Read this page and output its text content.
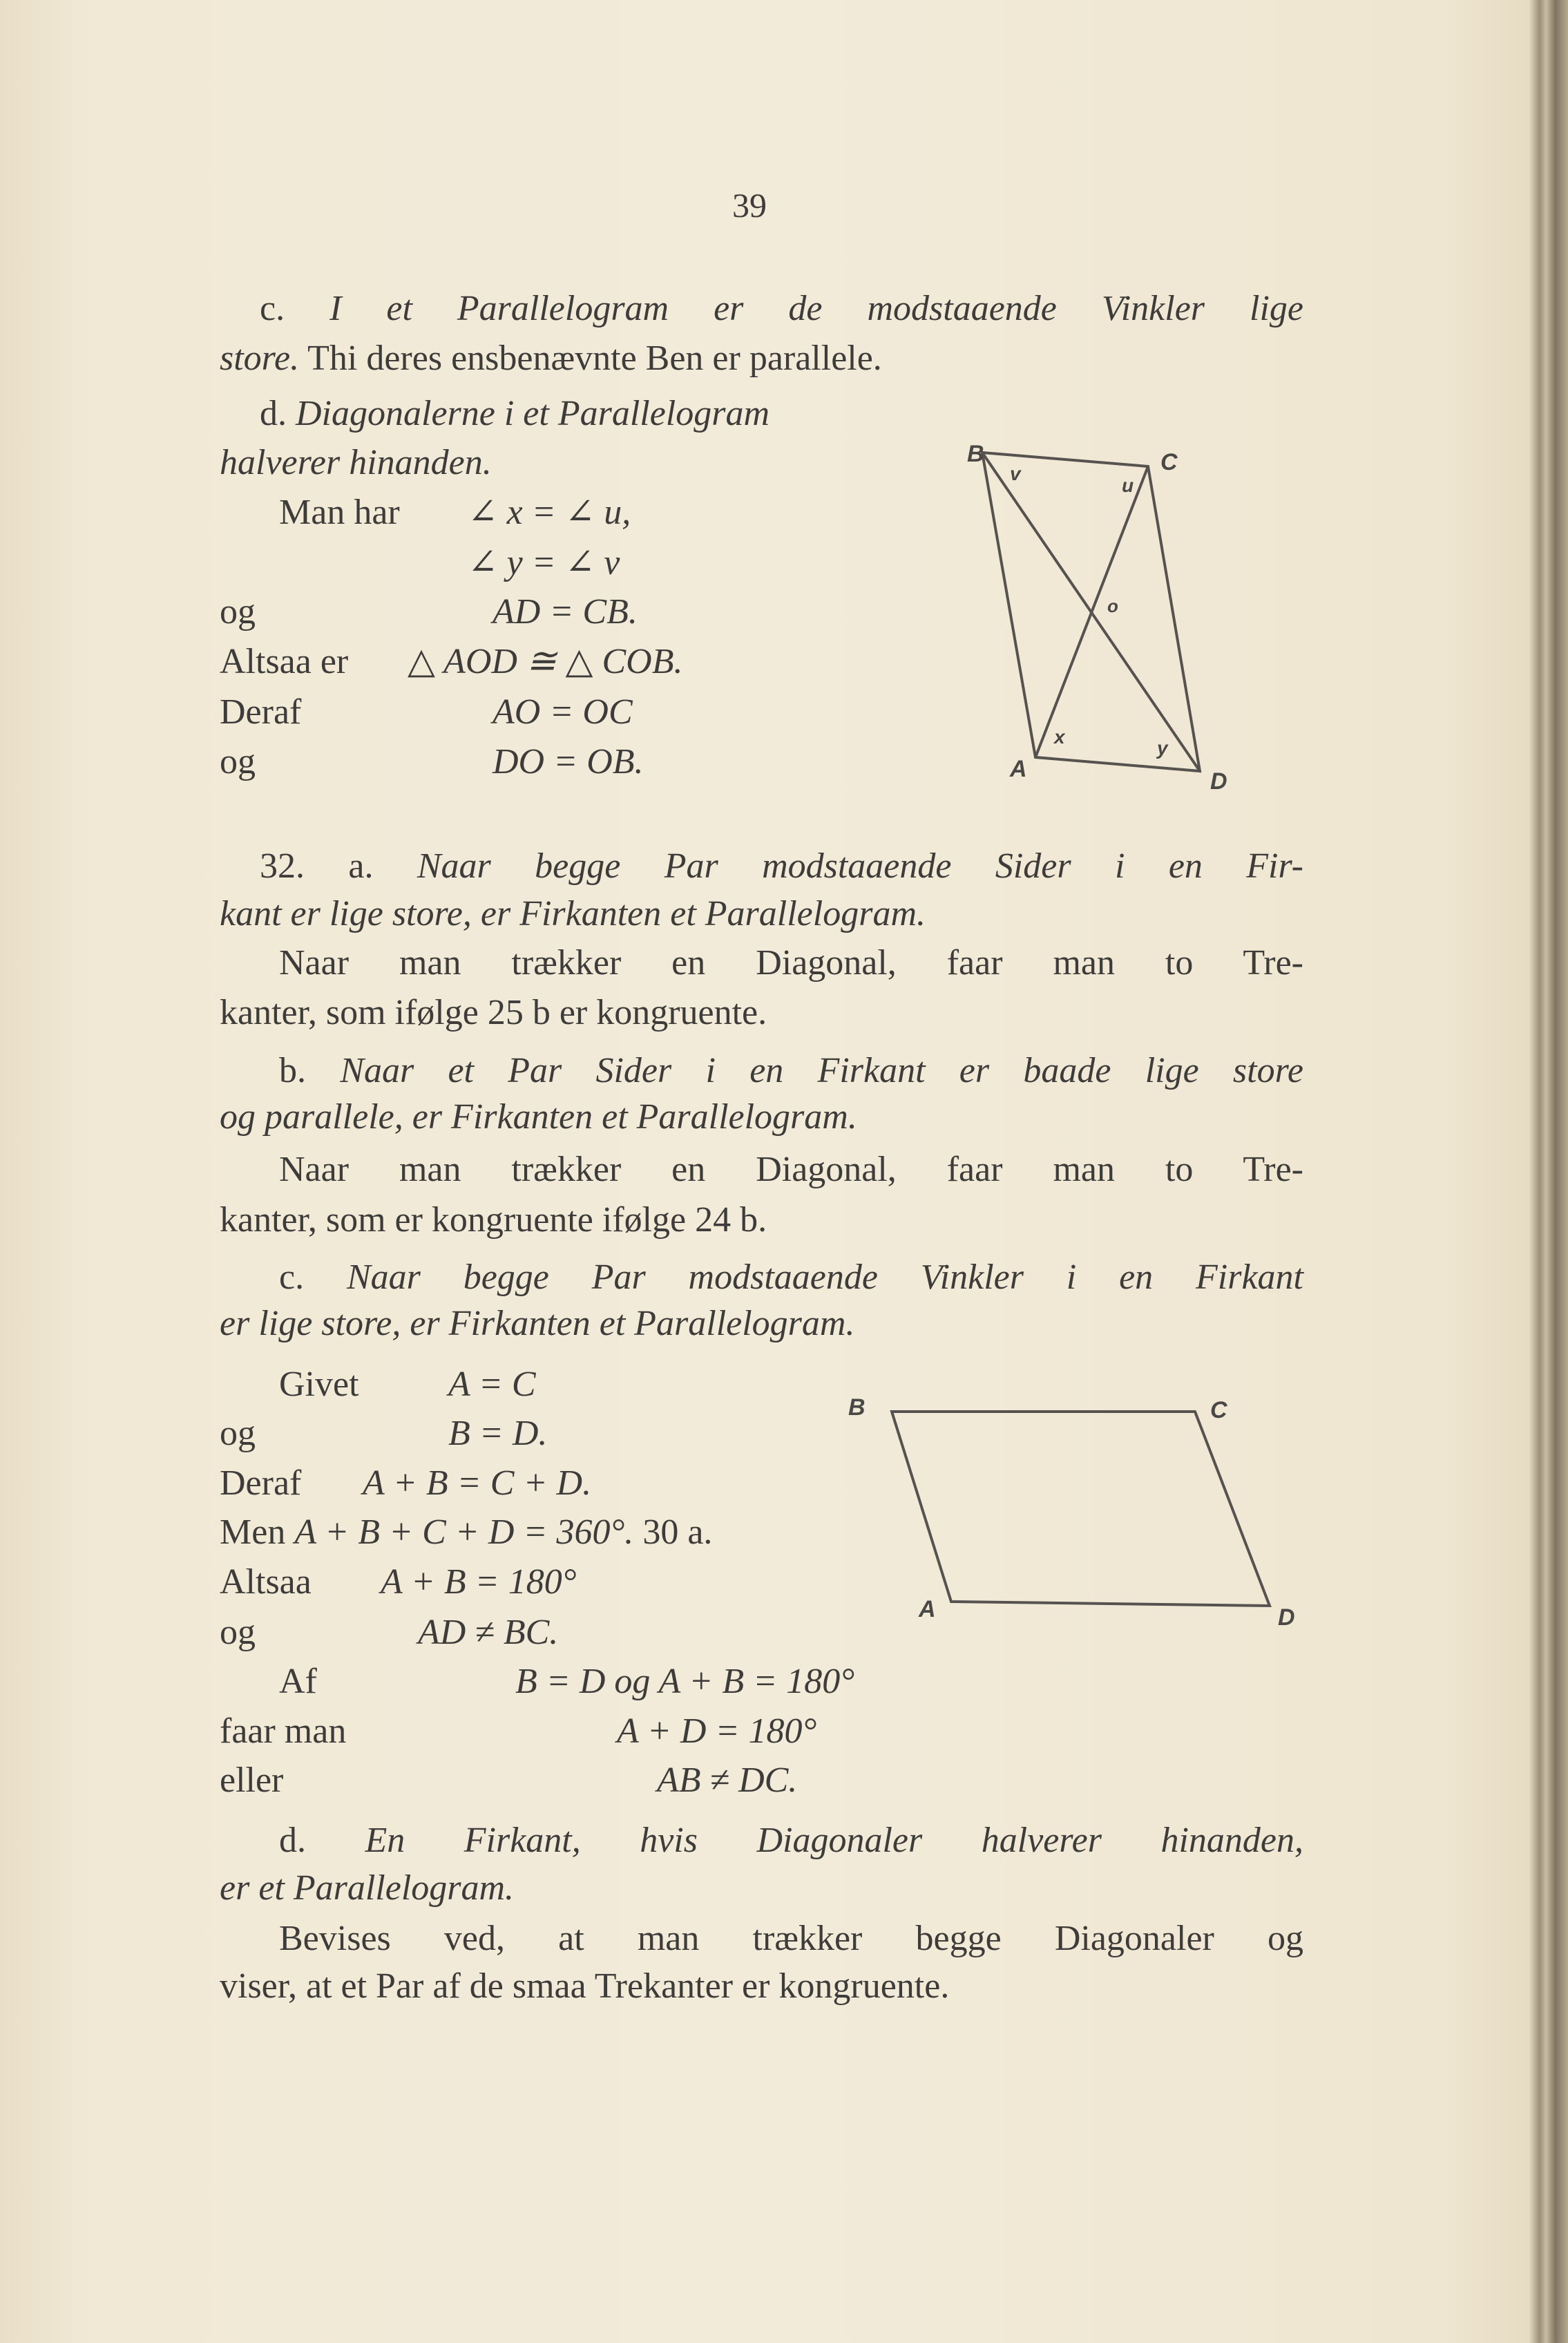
39
c. I et Parallelogram er de modstaaende Vinkler lige
store. Thi deres ensbenævnte Ben er parallele.
d. Diagonalerne i et Parallelogram
halverer hinanden.
Man har ∠ x = ∠ u,
∠ y = ∠ v
og	AD = CB.
Altsaa er △ AOD ≅ △ COB.
Deraf	AO = OC
og	DO = OB.
32. a. Naar begge Par modstaaende Sider i en Fir-
kant er lige store, er Firkanten et Parallelogram.
Naar man trækker en Diagonal, faar man to Tre-
kanter, som ifølge 25 b er kongruente.
b. Naar et Par Sider i en Firkant er baade lige store
og parallele, er Firkanten et Parallelogram.
Naar man trækker en Diagonal, faar man to Tre-
kanter, som er kongruente ifølge 24 b.
c. Naar begge Par modstaaende Vinkler i en Firkant
er lige store, er Firkanten et Parallelogram.
Givet A = C
og	B = D.
Deraf A + B = C + D.
Men A + B + C + D = 360°. 30 a.
Altsaa A + B = 180°
og	AD ≠ BC.
Af	B = D og A + B = 180°
faar man	A + D = 180°
eller	AB ≠ DC.
d. En Firkant, hvis Diagonaler halverer hinanden,
er et Parallelogram.
Bevises ved, at man trækker begge Diagonaler og
viser, at et Par af de smaa Trekanter er kongruente.
B	C
A	D
v
u
o
x
y
B	C
A	D
